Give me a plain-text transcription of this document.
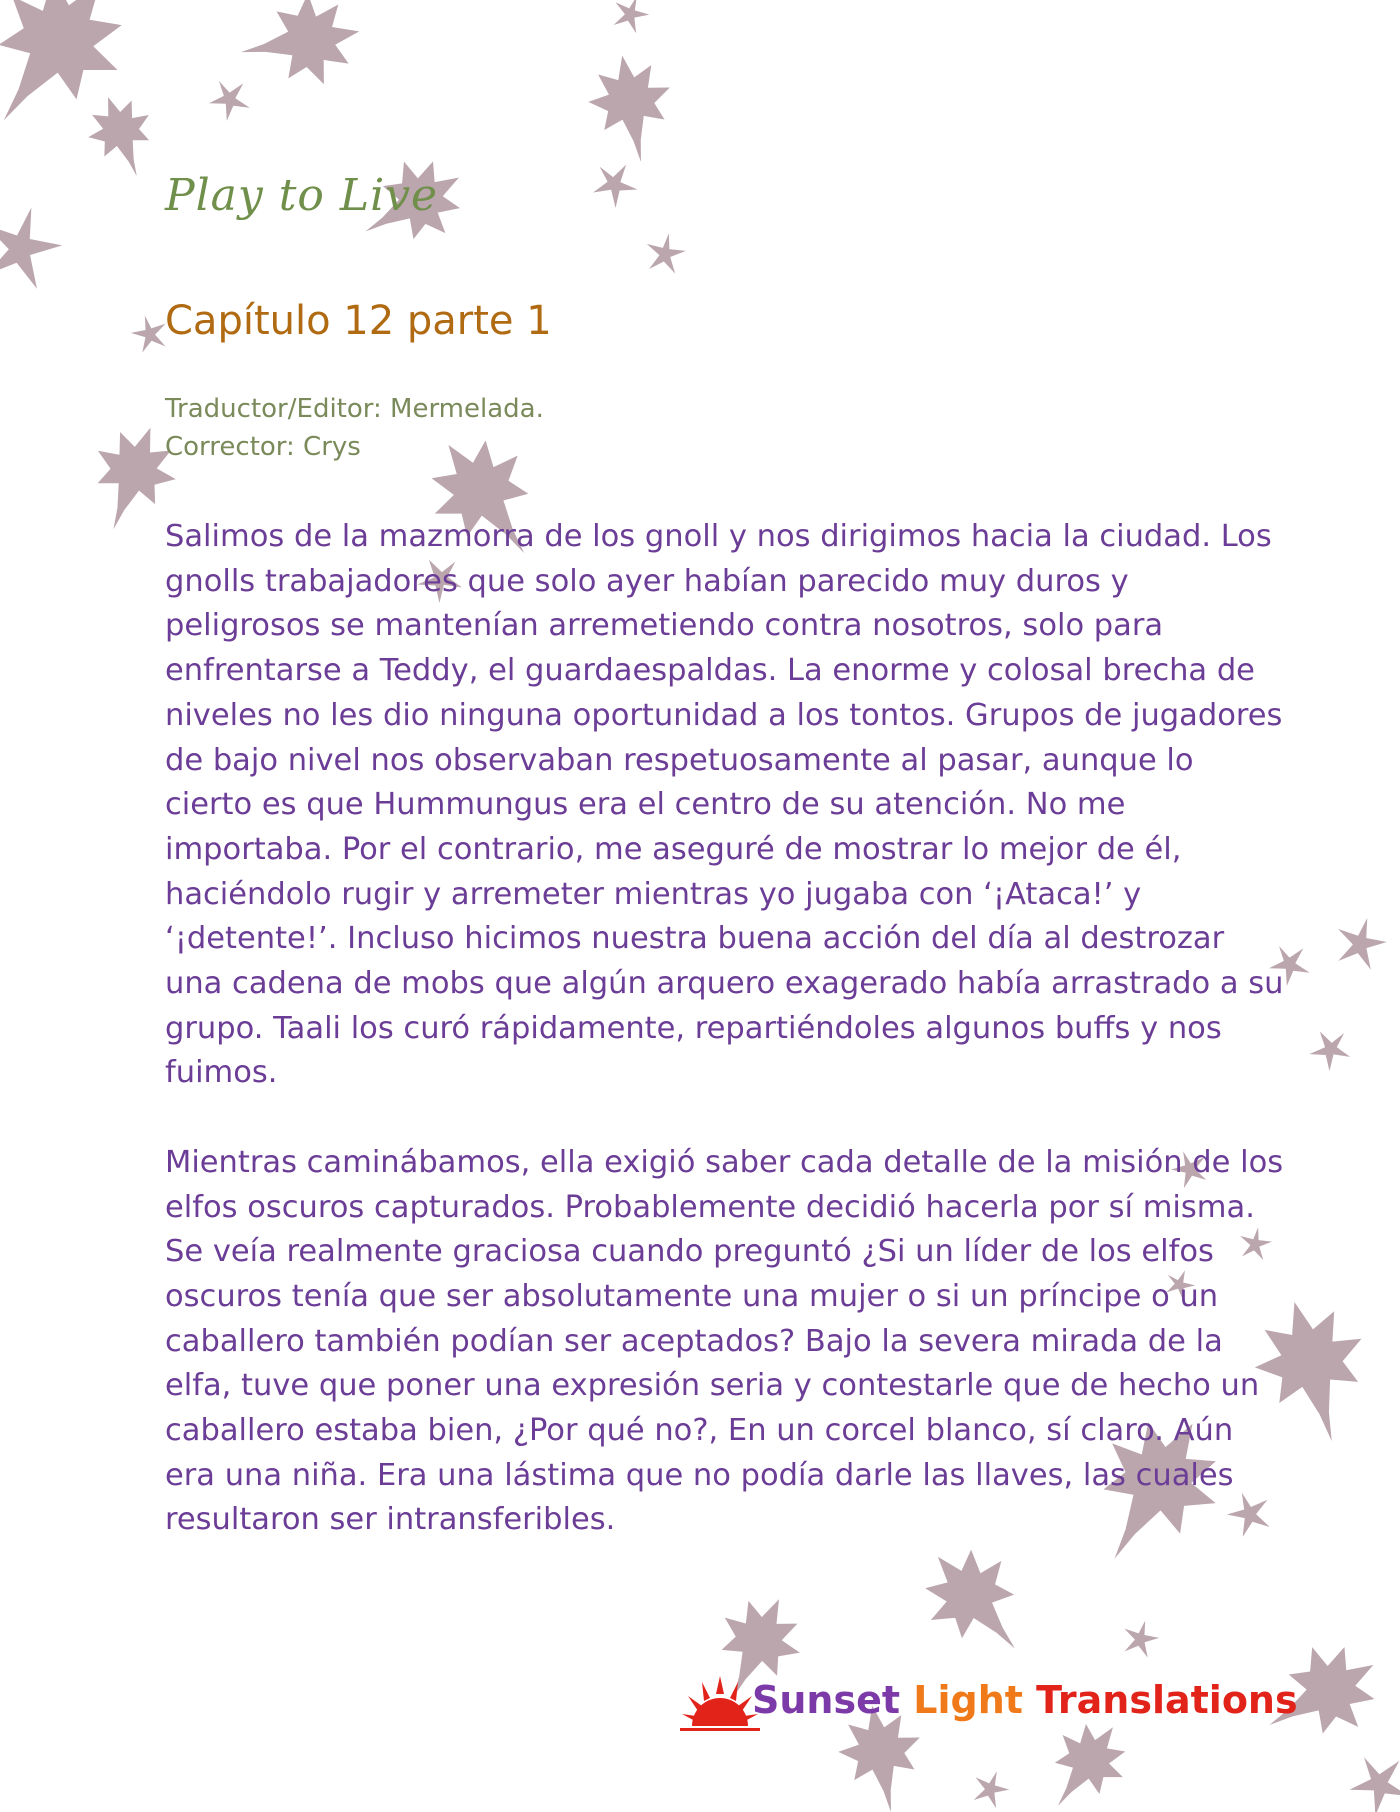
Play to Live
Capítulo 12 parte 1
Traductor/Editor: Mermelada.
Corrector: Crys

Salimos de la mazmorra de los gnoll y nos dirigimos hacia la ciudad. Los gnolls trabajadores que solo ayer habían parecido muy duros y peligrosos se mantenían arremetiendo contra nosotros, solo para enfrentarse a Teddy, el guardaespaldas. La enorme y colosal brecha de niveles no les dio ninguna oportunidad a los tontos. Grupos de jugadores de bajo nivel nos observaban respetuosamente al pasar, aunque lo cierto es que Hummungus era el centro de su atención. No me importaba. Por el contrario, me aseguré de mostrar lo mejor de él, haciéndolo rugir y arremeter mientras yo jugaba con ‘¡Ataca!’ y ‘¡detente!’. Incluso hicimos nuestra buena acción del día al destrozar una cadena de mobs que algún arquero exagerado había arrastrado a su grupo. Taali los curó rápidamente, repartiéndoles algunos buffs y nos fuimos.

Mientras caminábamos, ella exigió saber cada detalle de la misión de los elfos oscuros capturados. Probablemente decidió hacerla por sí misma. Se veía realmente graciosa cuando preguntó ¿Si un líder de los elfos oscuros tenía que ser absolutamente una mujer o si un príncipe o un caballero también podían ser aceptados? Bajo la severa mirada de la elfa, tuve que poner una expresión seria y contestarle que de hecho un caballero estaba bien, ¿Por qué no?, En un corcel blanco, sí claro. Aún era una niña. Era una lástima que no podía darle las llaves, las cuales resultaron ser intransferibles.

Sunset Light Translations
